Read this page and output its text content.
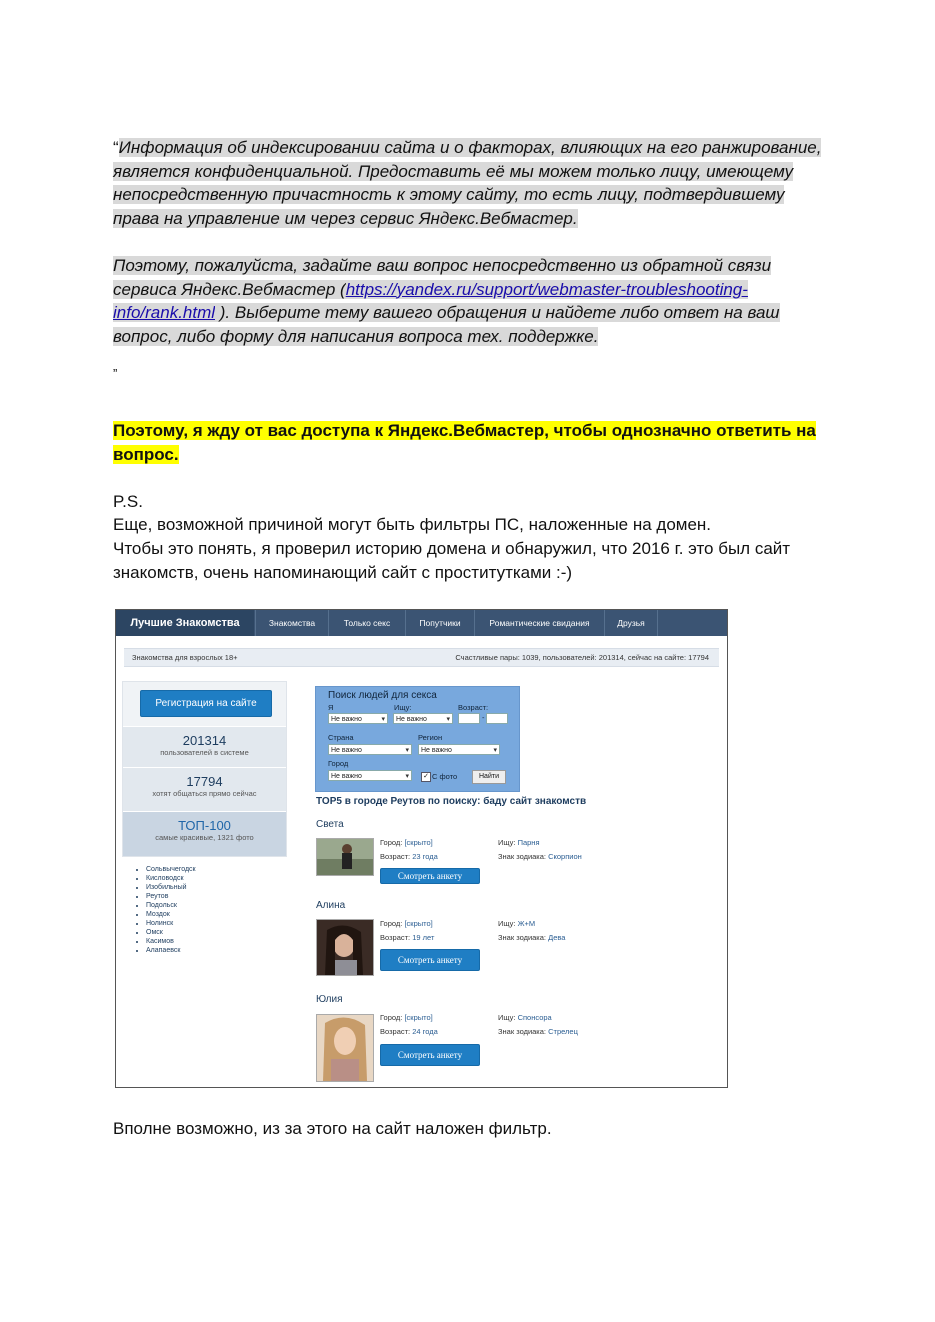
“Информация об индексировании сайта и о факторах, влияющих на его ранжирование, является конфиденциальной. Предоставить её мы можем только лицу, имеющему непосредственную причастность к этому сайту, то есть лицу, подтвердившему права на управление им через сервис Яндекс.Вебмастер.
Поэтому, пожалуйста, задайте ваш вопрос непосредственно из обратной связи сервиса Яндекс.Вебмастер (https://yandex.ru/support/webmaster-troubleshooting-info/rank.html ). Выберите тему вашего обращения и найдете либо ответ на ваш вопрос, либо форму для написания вопроса тех. поддержке.
”
Поэтому, я жду от вас доступа к Яндекс.Вебмастер, чтобы однозначно ответить на вопрос.
P.S.
Еще, возможной причиной могут быть фильтры ПС, наложенные на домен.
Чтобы это понять, я проверил историю домена и обнаружил, что 2016 г. это был сайт знакомств, очень напоминающий сайт с проститутками :-)
Лучшие Знакомства	Знакомства	Только секс	Попутчики	Романтические свидания	Друзья
Знакомства для взрослых 18+	Счастливые пары: 1039, пользователей: 201314, сейчас на сайте: 17794
Регистрация на сайте
201314
пользователей в системе
17794
хотят общаться прямо сейчас
ТОП-100
самые красивые, 1321 фото
• Сольвычегодск
• Кисловодск
• Изобильный
• Реутов
• Подольск
• Моздок
• Нолинск
• Омск
• Касимов
• Алапаевск
Поиск людей для секса
Я	Ищу:	Возраст:
Не важно ▾	Не важно ▾	-
Страна	Регион
Не важно ▾	Не важно ▾
Город
Не важно ▾	✓ С фото	Найти
TOP5 в городе Реутов по поиску: баду сайт знакомств
Света
Город: [скрыто]
Возраст: 23 года
Ищу: Парня
Знак зодиака: Скорпион
Смотреть анкету
Алина
Город: [скрыто]
Возраст: 19 лет
Ищу: Ж+М
Знак зодиака: Дева
Смотреть анкету
Юлия
Город: [скрыто]
Возраст: 24 года
Ищу: Спонсора
Знак зодиака: Стрелец
Смотреть анкету
Вполне возможно, из за этого на сайт наложен фильтр.
